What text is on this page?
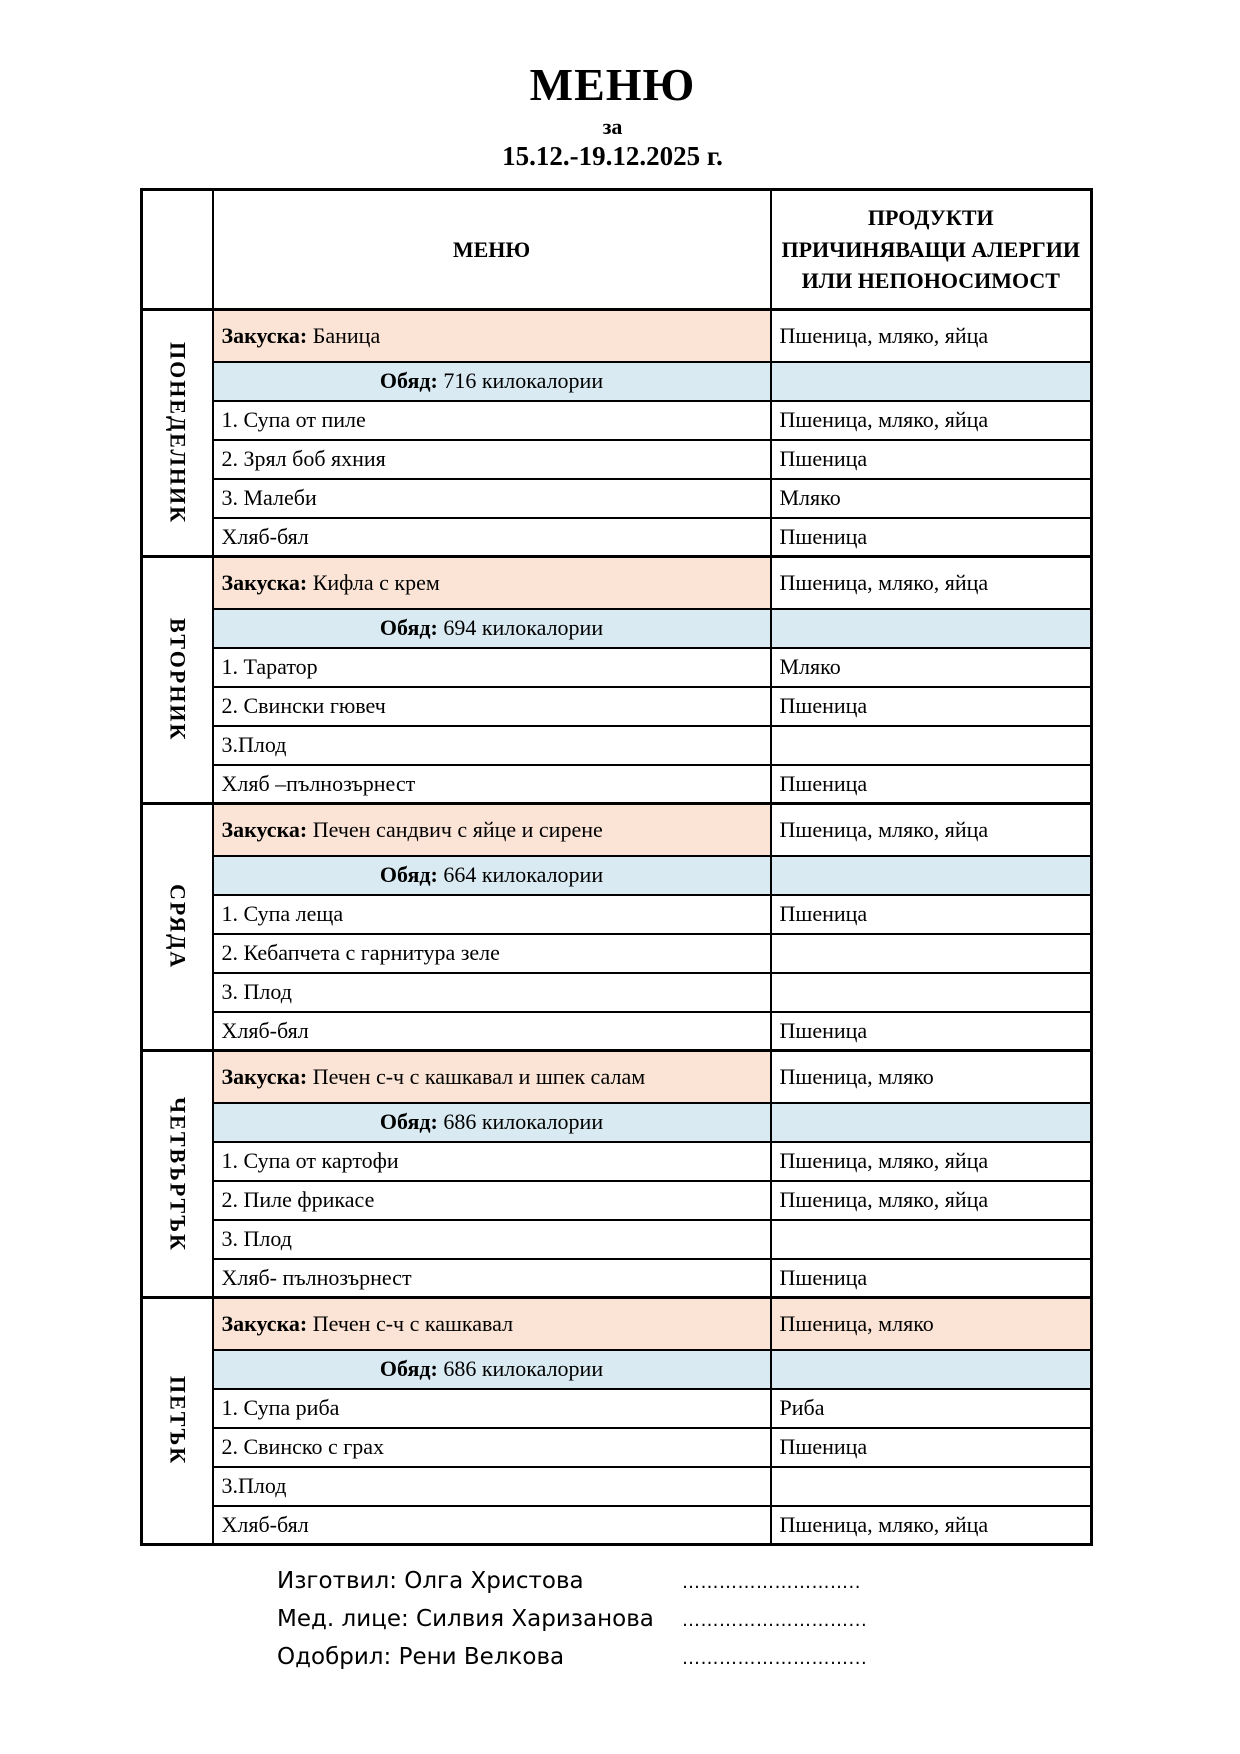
МЕНЮ
за
15.12.-19.12.2025 г.
	МЕНЮ	ПРОДУКТИ
ПРИЧИНЯВАЩИ АЛЕРГИИ
ИЛИ НЕПОНОСИМОСТ

ПОНЕДЕЛНИК	Закуска: Баница	Пшеница, мляко, яйца
	Обяд: 716 килокалории	
	1. Супа от пиле	Пшеница, мляко, яйца
	2. Зрял боб яхния	Пшеница
	3. Малеби	Мляко
	Хляб-бял	Пшеница

ВТОРНИК	Закуска: Кифла с крем	Пшеница, мляко, яйца
	Обяд: 694 килокалории	
	1. Таратор	Мляко
	2. Свински гювеч	Пшеница
	3.Плод	
	Хляб –пълнозърнест	Пшеница

СРЯДА	Закуска: Печен сандвич с яйце и сирене	Пшеница, мляко, яйца
	Обяд: 664 килокалории	
	1. Супа леща	Пшеница
	2. Кебапчета с гарнитура зеле	
	3. Плод	
	Хляб-бял	Пшеница

ЧЕТВЪРТЪК	Закуска: Печен с-ч с кашкавал и шпек салам	Пшеница, мляко
	Обяд: 686 килокалории	
	1. Супа от картофи	Пшеница, мляко, яйца
	2. Пиле фрикасе	Пшеница, мляко, яйца
	3. Плод	
	Хляб- пълнозърнест	Пшеница

ПЕТЪК	Закуска: Печен с-ч с кашкавал	Пшеница, мляко
	Обяд: 686 килокалории	
	1. Супа риба	Риба
	2. Свинско с грах	Пшеница
	3.Плод	
	Хляб-бял	Пшеница, мляко, яйца
Изготвил: Олга Христова	………………………..
Мед. лице: Силвия Харизанова	………………………...
Одобрил: Рени Велкова	………………………...
